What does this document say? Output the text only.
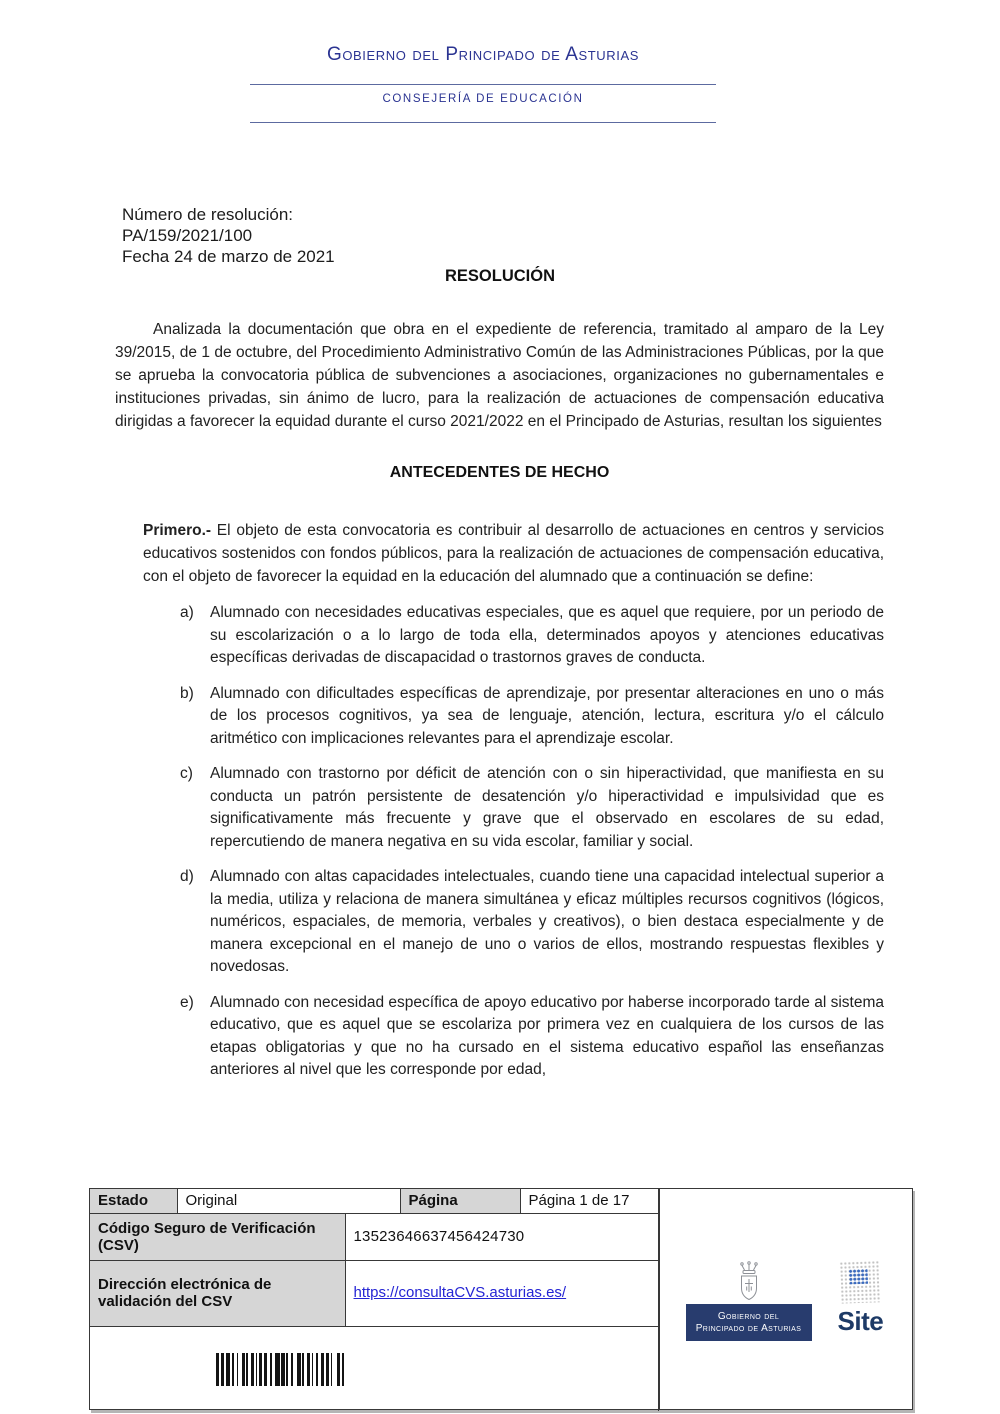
Gobierno del Principado de Asturias
CONSEJERÍA DE EDUCACIÓN
Número de resolución:
PA/159/2021/100
Fecha 24 de marzo de 2021
RESOLUCIÓN

Analizada la documentación que obra en el expediente de referencia, tramitado al amparo de la Ley 39/2015, de 1 de octubre, del Procedimiento Administrativo Común de las Administraciones Públicas, por la que se aprueba la convocatoria pública de subvenciones a asociaciones, organizaciones no gubernamentales e instituciones privadas, sin ánimo de lucro, para la realización de actuaciones de compensación educativa dirigidas a favorecer la equidad durante el curso 2021/2022 en el Principado de Asturias, resultan los siguientes

ANTECEDENTES DE HECHO

Primero.- El objeto de esta convocatoria es contribuir al desarrollo de actuaciones en centros y servicios educativos sostenidos con fondos públicos, para la realización de actuaciones de compensación educativa, con el objeto de favorecer la equidad en la educación del alumnado que a continuación se define:

a)	Alumnado con necesidades educativas especiales, que es aquel que requiere, por un periodo de su escolarización o a lo largo de toda ella, determinados apoyos y atenciones educativas específicas derivadas de discapacidad o trastornos graves de conducta.
b)	Alumnado con dificultades específicas de aprendizaje, por presentar alteraciones en uno o más de los procesos cognitivos, ya sea de lenguaje, atención, lectura, escritura y/o el cálculo aritmético con implicaciones relevantes para el aprendizaje escolar.
c)	Alumnado con trastorno por déficit de atención con o sin hiperactividad, que manifiesta en su conducta un patrón persistente de desatención y/o hiperactividad e impulsividad que es significativamente más frecuente y grave que el observado en escolares de su edad, repercutiendo de manera negativa en su vida escolar, familiar y social.
d)	Alumnado con altas capacidades intelectuales, cuando tiene una capacidad intelectual superior a la media, utiliza y relaciona de manera simultánea y eficaz múltiples recursos cognitivos (lógicos, numéricos, espaciales, de memoria, verbales y creativos), o bien destaca especialmente y de manera excepcional en el manejo de uno o varios de ellos, mostrando respuestas flexibles y novedosas.
e)	Alumnado con necesidad específica de apoyo educativo por haberse incorporado tarde al sistema educativo, que es aquel que se escolariza por primera vez en cualquiera de los cursos de las etapas obligatorias y que no ha cursado en el sistema educativo español las enseñanzas anteriores al nivel que les corresponde por edad,
Estado	Original		Página	Página 1 de 17
Código Seguro de Verificación (CSV)		13523646637456424730		
Dirección electrónica de validación del CSV		https://consultaCVS.asturias.es/		

Gobierno del
Principado de Asturias	Site
